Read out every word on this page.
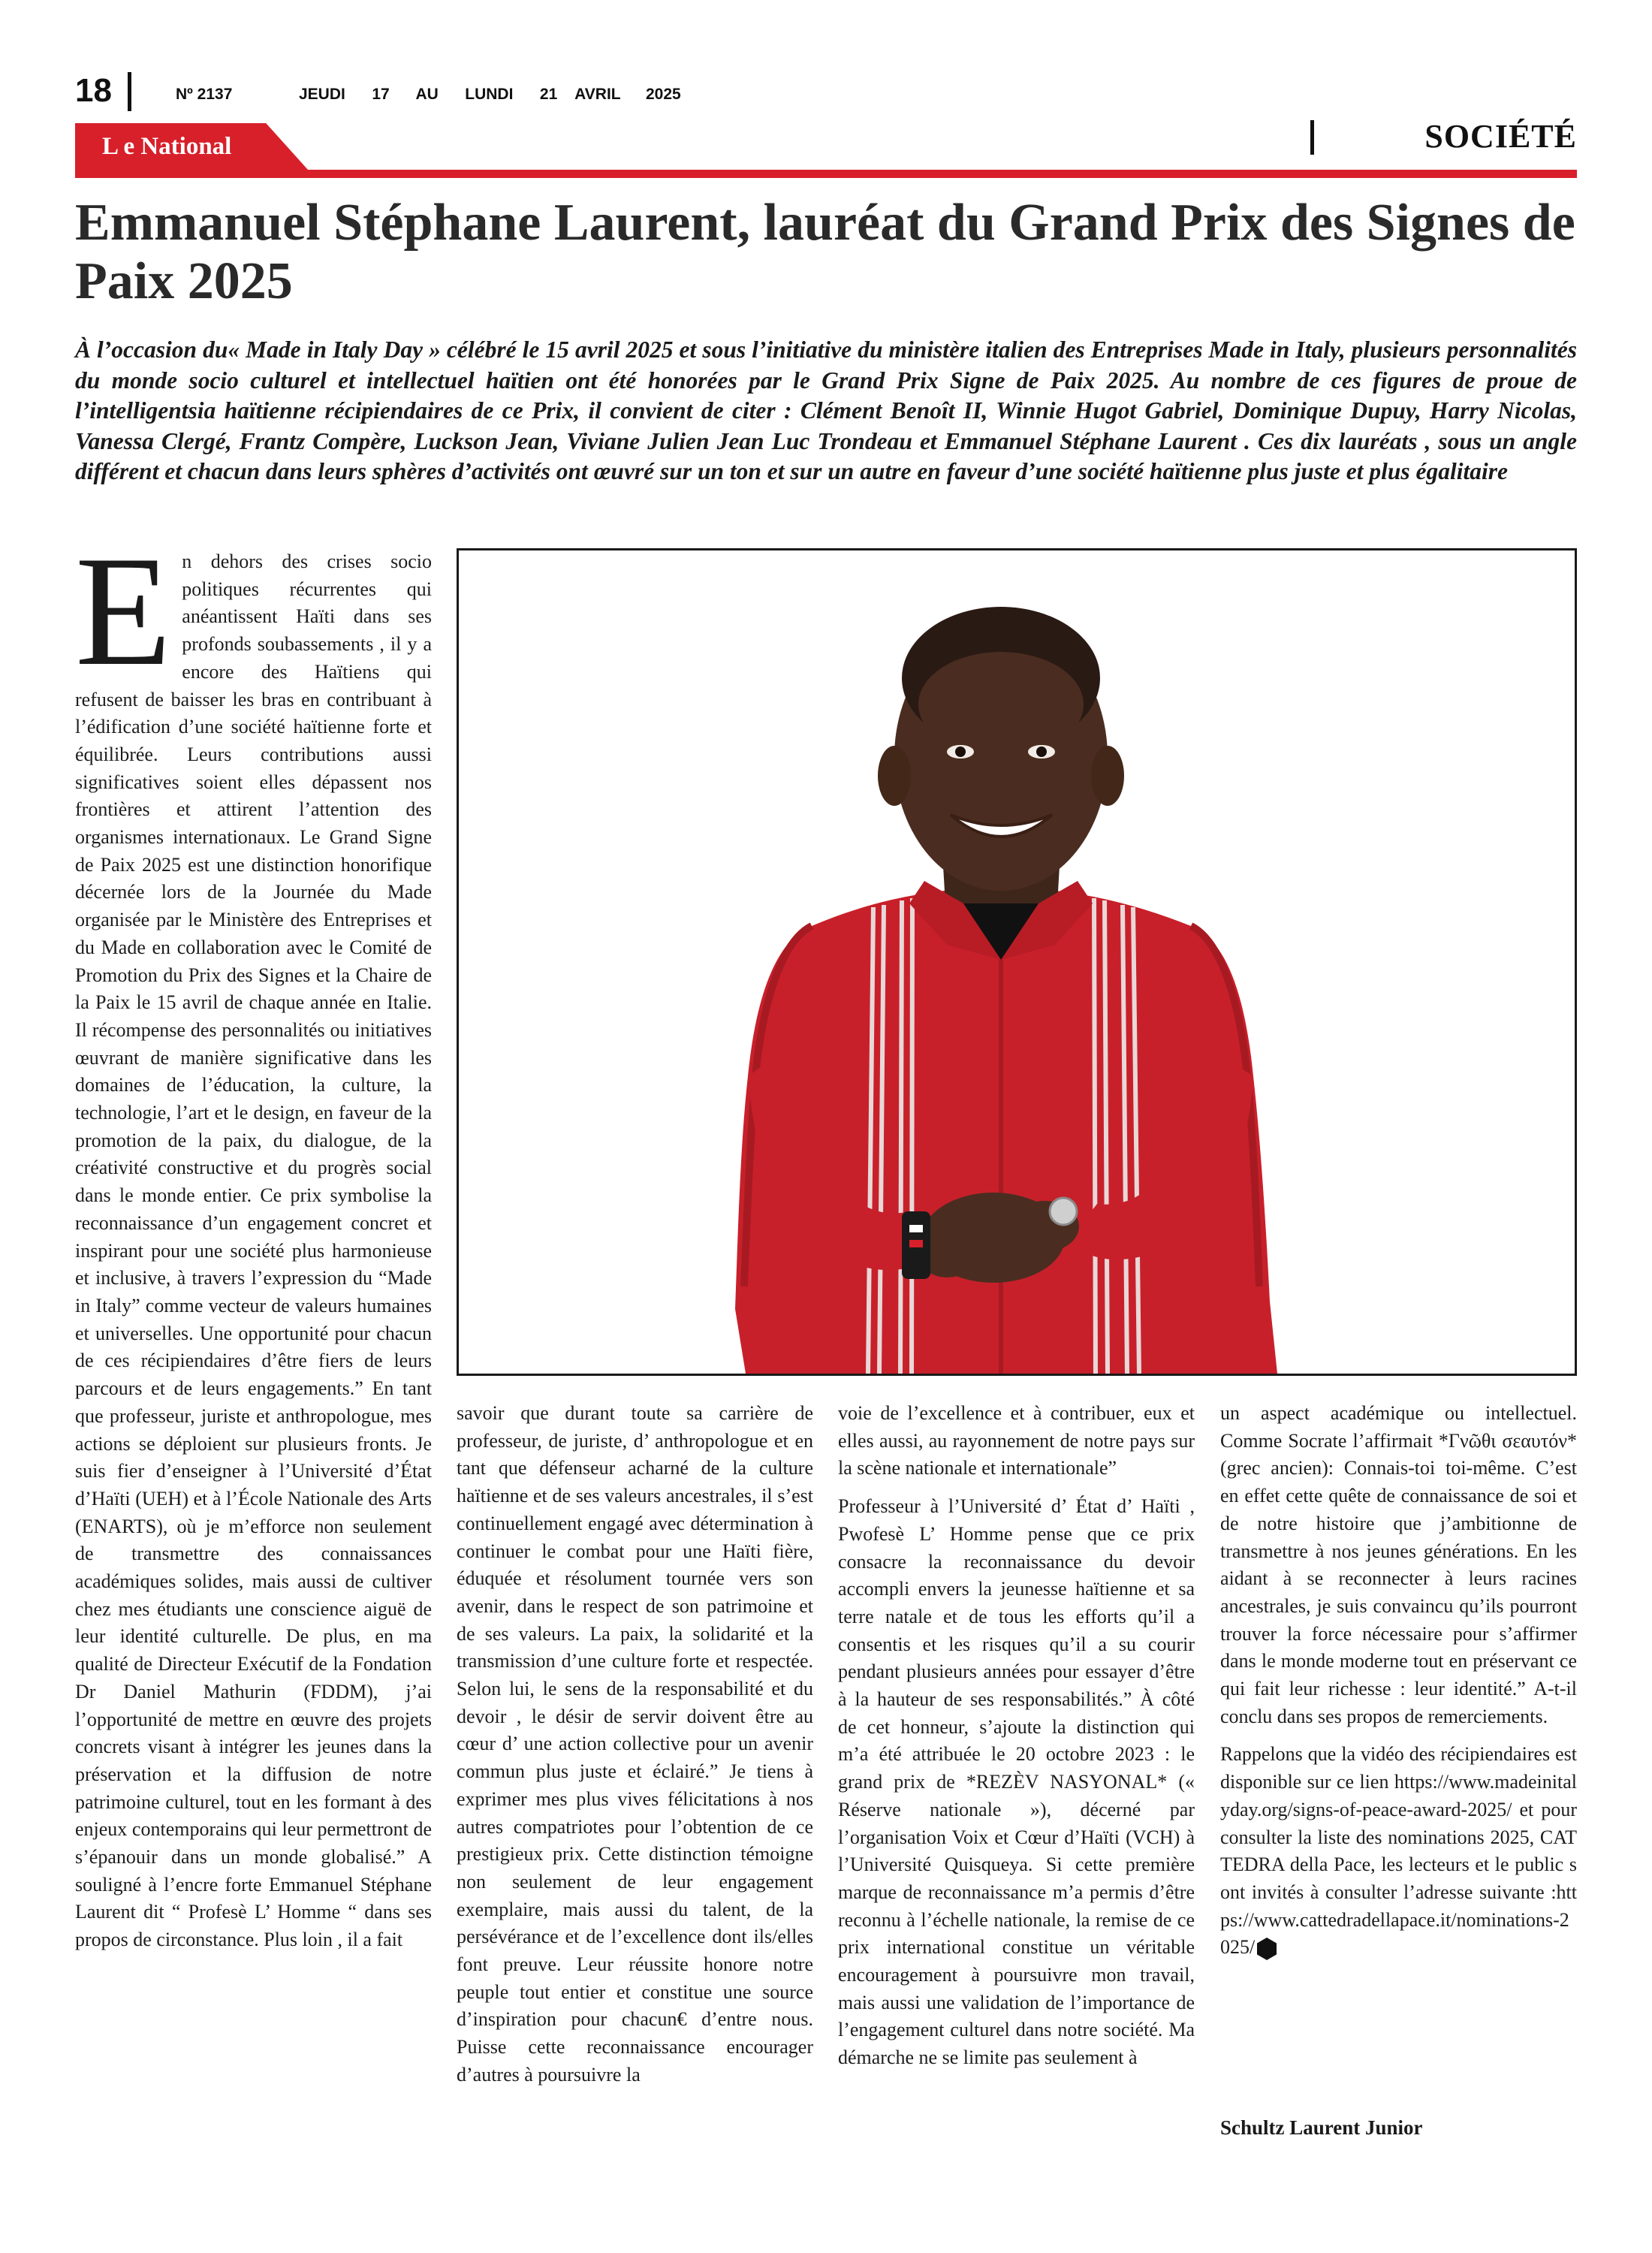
18	Nº 2137	JEUDI   17   AU   LUNDI   21  AVRIL 2025
L e National	SOCIÉTÉ
Emmanuel Stéphane Laurent, lauréat du Grand Prix des Signes de Paix 2025

À l’occasion du« Made in Italy Day » célébré le 15 avril 2025 et sous l’initiative du ministère italien des Entreprises Made in Italy, plusieurs personnalités du monde socio culturel et intellectuel haïtien ont été honorées par le Grand Prix Signe de Paix 2025. Au nombre de ces figures de proue de l’intelligentsia haïtienne récipiendaires de ce Prix, il convient de citer : Clément Benoît II, Winnie Hugot Gabriel, Dominique Dupuy, Harry Nicolas, Vanessa Clergé, Frantz Compère, Luckson Jean, Viviane Julien Jean Luc Trondeau et Emmanuel Stéphane Laurent . Ces dix lauréats , sous un angle différent et chacun dans leurs sphères d’activités ont œuvré sur un ton et sur un autre en faveur d’une société haïtienne plus juste et plus égalitaire

En dehors des crises socio politiques récurrentes qui anéantissent Haïti dans ses profonds soubassements , il y a encore des Haïtiens qui refusent de baisser les bras en contribuant à l’édification d’une société haïtienne forte et équilibrée. Leurs contributions aussi significatives soient elles dépassent nos frontières et attirent l’attention des organismes internationaux. Le Grand Signe de Paix 2025 est une distinction honorifique décernée lors de la Journée du Made organisée par le Ministère des Entreprises et du Made en collaboration avec le Comité de Promotion du Prix des Signes et la Chaire de la Paix le 15 avril de chaque année en Italie. Il récompense des personnalités ou initiatives œuvrant de manière significative dans les domaines de l’éducation, la culture, la technologie, l’art et le design, en faveur de la promotion de la paix, du dialogue, de la créativité constructive et du progrès social dans le monde entier. Ce prix symbolise la reconnaissance d’un engagement concret et inspirant pour une société plus harmonieuse et inclusive, à travers l’expression du “Made in Italy” comme vecteur de valeurs humaines et universelles. Une opportunité pour chacun de ces récipiendaires d’être fiers de leurs parcours et de leurs engagements.” En tant que professeur, juriste et anthropologue, mes actions se déploient sur plusieurs fronts. Je suis fier d’enseigner à l’Université d’État d’Haïti (UEH) et à l’École Nationale des Arts (ENARTS), où je m’efforce non seulement de transmettre des connaissances académiques solides, mais aussi de cultiver chez mes étudiants une conscience aiguë de leur identité culturelle. De plus, en ma qualité de Directeur Exécutif de la Fondation Dr Daniel Mathurin (FDDM), j’ai l’opportunité de mettre en œuvre des projets concrets visant à intégrer les jeunes dans la préservation et la diffusion de notre patrimoine culturel, tout en les formant à des enjeux contemporains qui leur permettront de s’épanouir dans un monde globalisé.” A souligné à l’encre forte Emmanuel Stéphane Laurent dit “ Profesè L’ Homme “ dans ses propos de circonstance. Plus loin , il a fait

savoir que durant toute sa carrière de professeur, de juriste, d’ anthropologue et en tant que défenseur acharné de la culture haïtienne et de ses valeurs ancestrales, il s’est continuellement engagé avec détermination à continuer le combat pour une Haïti fière, éduquée et résolument tournée vers son avenir, dans le respect de son patrimoine et de ses valeurs. La paix, la solidarité et la transmission d’une culture forte et respectée. Selon lui, le sens de la responsabilité et du devoir , le désir de servir doivent être au cœur d’ une action collective pour un avenir commun plus juste et éclairé.” Je tiens à exprimer mes plus vives félicitations à nos autres compatriotes pour l’obtention de ce prestigieux prix. Cette distinction témoigne non seulement de leur engagement exemplaire, mais aussi du talent, de la persévérance et de l’excellence dont ils/elles font preuve. Leur réussite honore notre peuple tout entier et constitue une source d’inspiration pour chacun€ d’entre nous. Puisse cette reconnaissance encourager d’autres à poursuivre la

voie de l’excellence et à contribuer, eux et elles aussi, au rayonnement de notre pays sur la scène nationale et internationale”

Professeur à l’Université d’ État d’ Haïti , Pwofesè L’ Homme pense que ce prix consacre la reconnaissance du devoir accompli envers la jeunesse haïtienne et sa terre natale et de tous les efforts qu’il a consentis et les risques qu’il a su courir pendant plusieurs années pour essayer d’être à la hauteur de ses responsabilités.” À côté de cet honneur, s’ajoute la distinction qui m’a été attribuée le 20 octobre 2023 : le grand prix de *REZÈV NASYONAL* (« Réserve nationale »), décerné par l’organisation Voix et Cœur d’Haïti (VCH) à l’Université Quisqueya. Si cette première marque de reconnaissance m’a permis d’être reconnu à l’échelle nationale, la remise de ce prix international constitue un véritable encouragement à poursuivre mon travail, mais aussi une validation de l’importance de l’engagement culturel dans notre société. Ma démarche ne se limite pas seulement à

un aspect académique ou intellectuel. Comme Socrate l’affirmait *Γνῶθι σεαυτόν* (grec ancien): Connais-toi toi-même. C’est en effet cette quête de connaissance de soi et de notre histoire que j’ambitionne de transmettre à nos jeunes générations. En les aidant à se reconnecter à leurs racines ancestrales, je suis convaincu qu’ils pourront trouver la force nécessaire pour s’affirmer dans le monde moderne tout en préservant ce qui fait leur richesse : leur identité.” A-t-il conclu dans ses propos de remerciements.

Rappelons que la vidéo des récipiendaires est disponible sur ce lien https://www.madeinitalyday.org/signs-of-peace-award-2025/ et pour consulter la liste des nominations 2025, CATTEDRA della Pace, les lecteurs et le public sont invités à consulter l’adresse suivante :https://www.cattedradellapace.it/nominations-2025/

Schultz Laurent Junior
